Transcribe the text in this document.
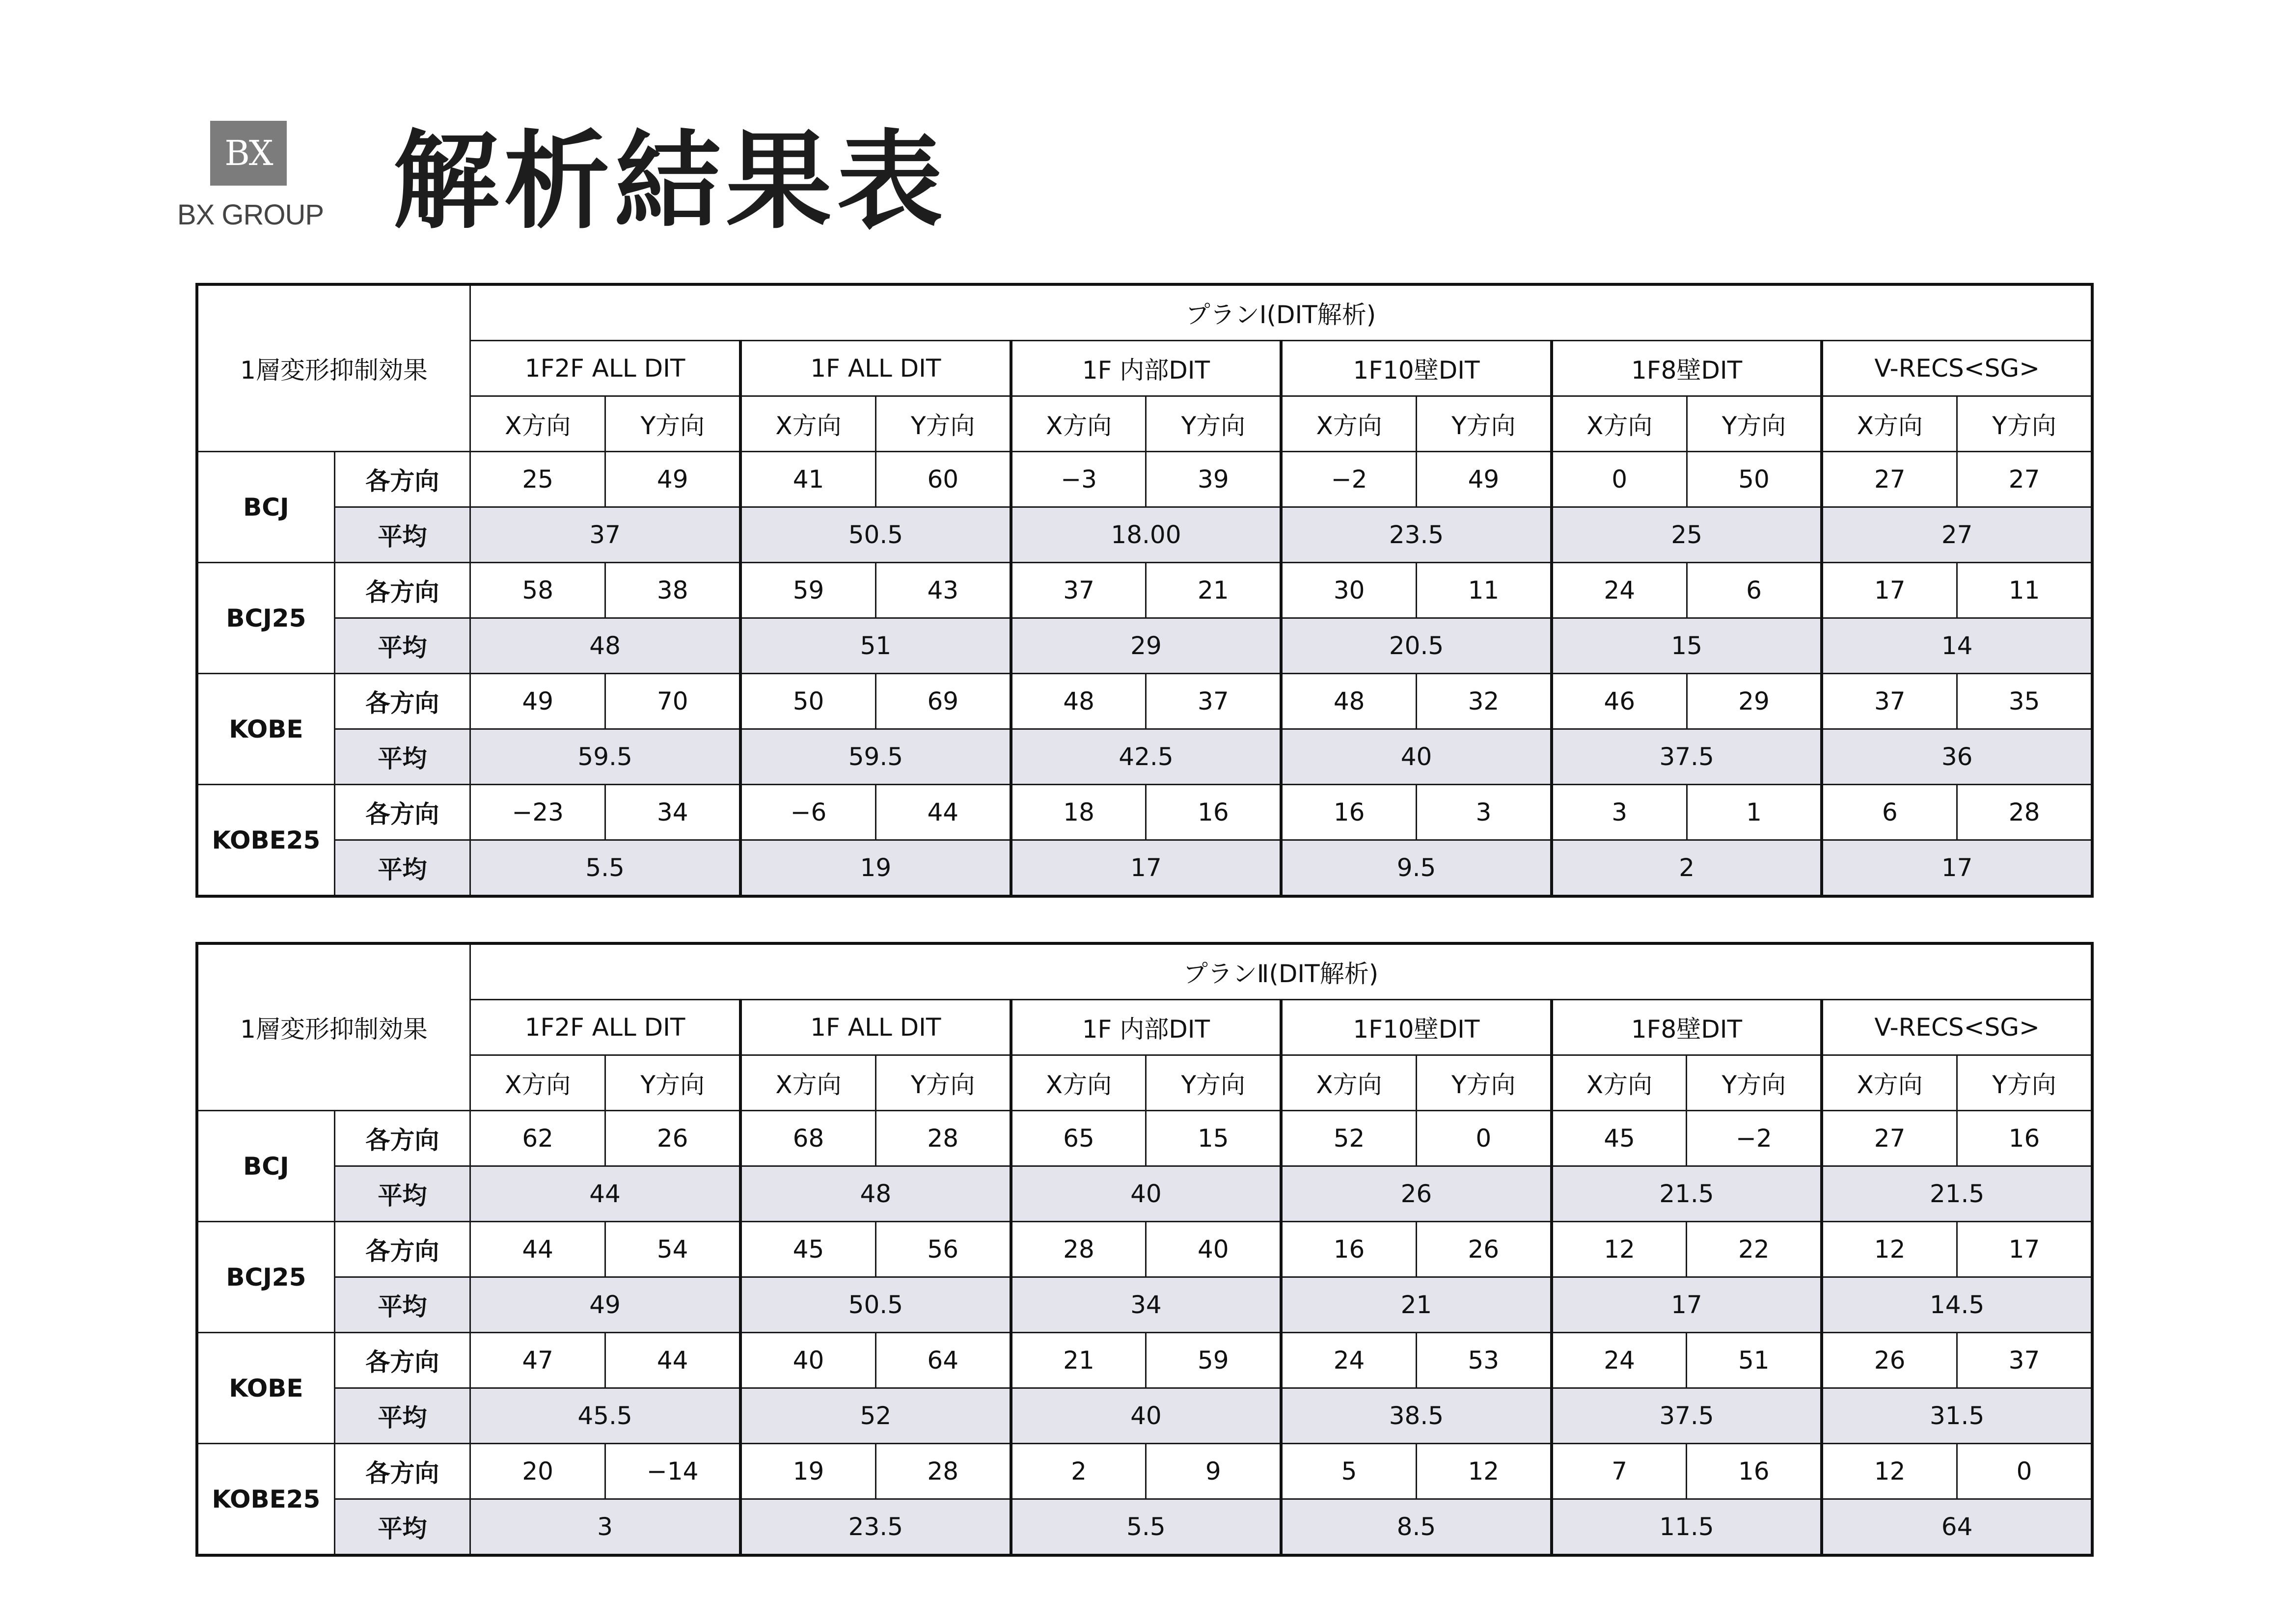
BX
BX GROUP 解析結果表
1層変形抑制効果		プランⅠ(DIT解析)											
		1F2F ALL DIT		1F ALL DIT		1F 内部DIT		1F10壁DIT		1F8壁DIT		V-RECS<SG>	
		X方向	Y方向	X方向	Y方向	X方向	Y方向	X方向	Y方向	X方向	Y方向	X方向	Y方向
BCJ	各方向	25	49	41	60	−3	39	−2	49	0	50	27	27
	平均	37		50.5		18.00		23.5		25		27	
BCJ25	各方向	58	38	59	43	37	21	30	11	24	6	17	11
	平均	48		51		29		20.5		15		14	
KOBE	各方向	49	70	50	69	48	37	48	32	46	29	37	35
	平均	59.5		59.5		42.5		40		37.5		36	
KOBE25	各方向	−23	34	−6	44	18	16	16	3	3	1	6	28
	平均	5.5		19		17		9.5		2		17	
1層変形抑制効果		プランⅡ(DIT解析)											
		1F2F ALL DIT		1F ALL DIT		1F 内部DIT		1F10壁DIT		1F8壁DIT		V-RECS<SG>	
		X方向	Y方向	X方向	Y方向	X方向	Y方向	X方向	Y方向	X方向	Y方向	X方向	Y方向
BCJ	各方向	62	26	68	28	65	15	52	0	45	−2	27	16
	平均	44		48		40		26		21.5		21.5	
BCJ25	各方向	44	54	45	56	28	40	16	26	12	22	12	17
	平均	49		50.5		34		21		17		14.5	
KOBE	各方向	47	44	40	64	21	59	24	53	24	51	26	37
	平均	45.5		52		40		38.5		37.5		31.5	
KOBE25	各方向	20	−14	19	28	2	9	5	12	7	16	12	0
	平均	3		23.5		5.5		8.5		11.5		64	
